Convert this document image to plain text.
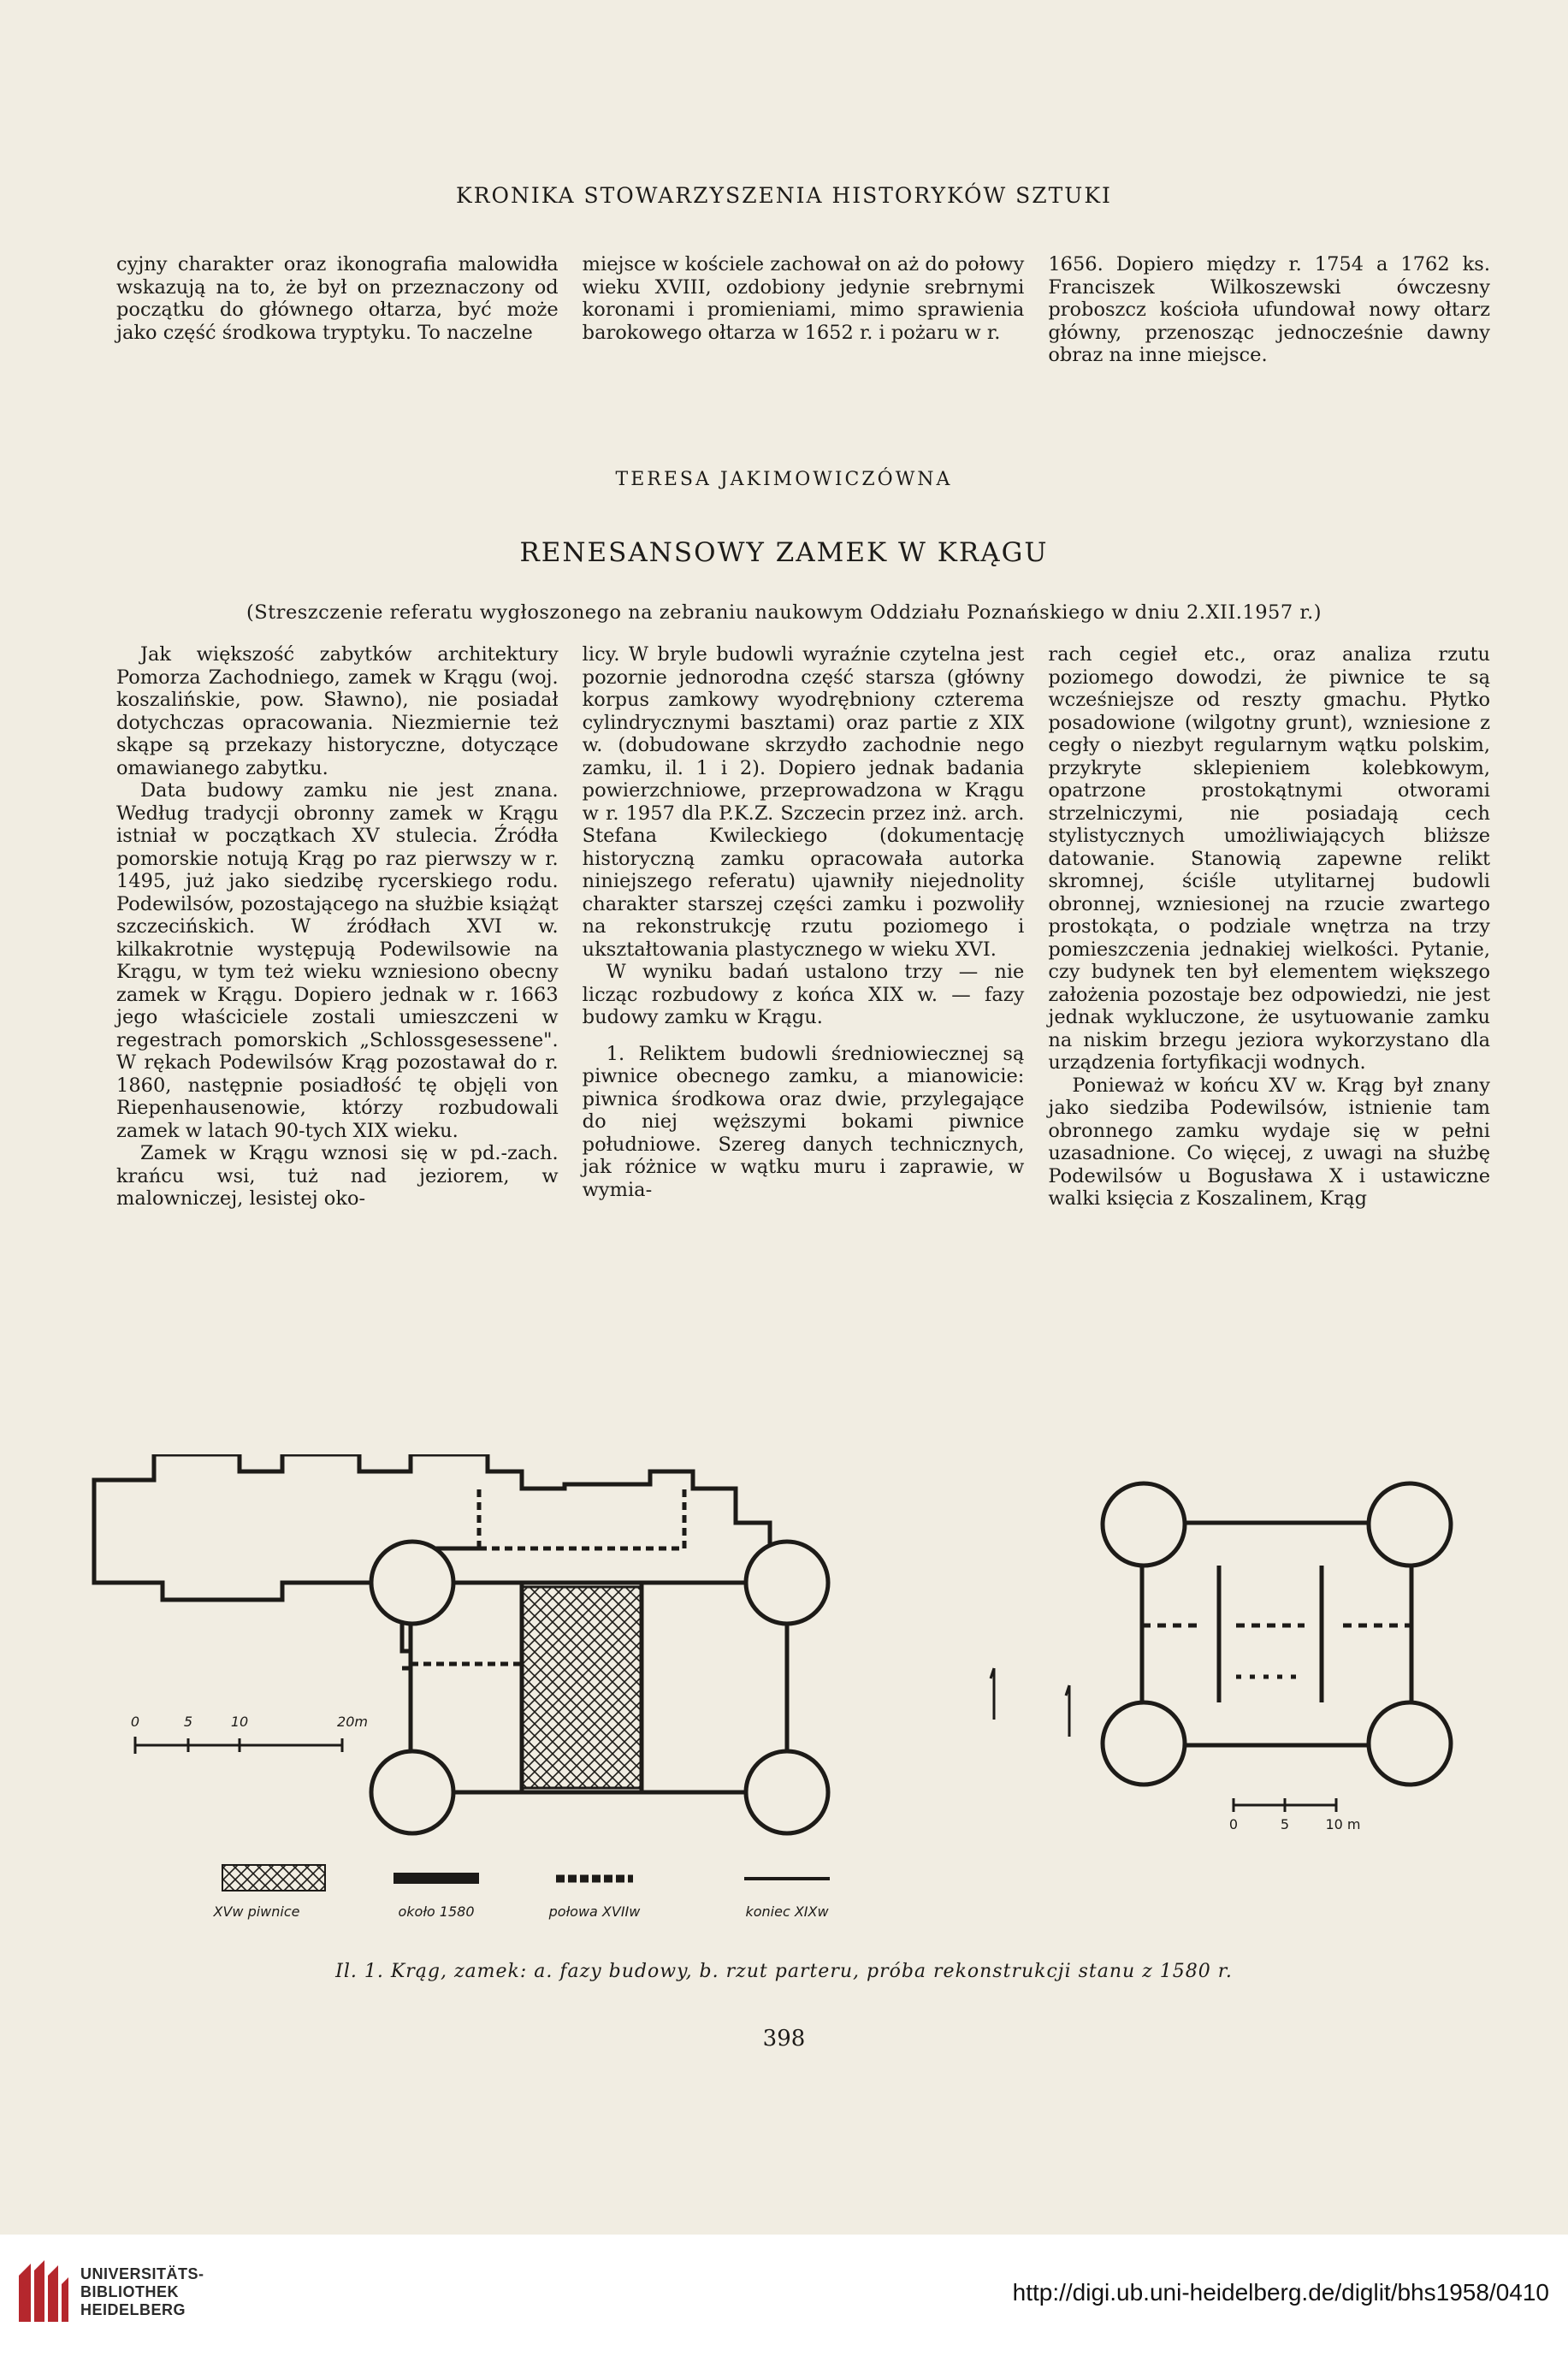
KRONIKA STOWARZYSZENIA HISTORYKÓW SZTUKI
cyjny charakter oraz ikonografia malowidła wskazują na to, że był on przeznaczony od początku do głównego ołtarza, być może jako część środkowa tryptyku. To naczelne
miejsce w kościele zachował on aż do połowy wieku XVIII, ozdobiony jedynie srebrnymi koronami i promieniami, mimo sprawienia barokowego ołtarza w 1652 r. i pożaru w r.
1656. Dopiero między r. 1754 a 1762 ks. Franciszek Wilkoszewski ówczesny proboszcz kościoła ufundował nowy ołtarz główny, przenosząc jednocześnie dawny obraz na inne miejsce.
TERESA JAKIMOWICZÓWNA
RENESANSOWY ZAMEK W KRĄGU
(Streszczenie referatu wygłoszonego na zebraniu naukowym Oddziału Poznańskiego w dniu 2.XII.1957 r.)

Jak większość zabytków architektury Pomorza Zachodniego, zamek w Krągu (woj. koszalińskie, pow. Sławno), nie posiadał dotychczas opracowania. Niezmiernie też skąpe są przekazy historyczne, dotyczące omawianego zabytku.

Data budowy zamku nie jest znana. Według tradycji obronny zamek w Krągu istniał w początkach XV stulecia. Źródła pomorskie notują Krąg po raz pierwszy w r. 1495, już jako siedzibę rycerskiego rodu. Podewilsów, pozostającego na służbie książąt szczecińskich. W źródłach XVI w. kilkakrotnie występują Podewilsowie na Krągu, w tym też wieku wzniesiono obecny zamek w Krągu. Dopiero jednak w r. 1663 jego właściciele zostali umieszczeni w regestrach pomorskich „Schlossgesessene". W rękach Podewilsów Krąg pozostawał do r. 1860, następnie posiadłość tę objęli von Riepenhausenowie, którzy rozbudowali zamek w latach 90-tych XIX wieku.

Zamek w Krągu wznosi się w pd.-zach. krańcu wsi, tuż nad jeziorem, w malowniczej, lesistej oko-

licy. W bryle budowli wyraźnie czytelna jest pozornie jednorodna część starsza (główny korpus zamkowy wyodrębniony czterema cylindrycznymi basztami) oraz partie z XIX w. (dobudowane skrzydło zachodnie nego zamku, il. 1 i 2). Dopiero jednak badania powierzchniowe, przeprowadzona w Krągu w r. 1957 dla P.K.Z. Szczecin przez inż. arch. Stefana Kwileckiego (dokumentację historyczną zamku opracowała autorka niniejszego referatu) ujawniły niejednolity charakter starszej części zamku i pozwoliły na rekonstrukcję rzutu poziomego i ukształtowania plastycznego w wieku XVI.

W wyniku badań ustalono trzy — nie licząc rozbudowy z końca XIX w. — fazy budowy zamku w Krągu.

1. Reliktem budowli średniowiecznej są piwnice obecnego zamku, a mianowicie: piwnica środkowa oraz dwie, przylegające do niej węższymi bokami piwnice południowe. Szereg danych technicznych, jak różnice w wątku muru i zaprawie, w wymia-

rach cegieł etc., oraz analiza rzutu poziomego dowodzi, że piwnice te są wcześniejsze od reszty gmachu. Płytko posadowione (wilgotny grunt), wzniesione z cegły o niezbyt regularnym wątku polskim, przykryte sklepieniem kolebkowym, opatrzone prostokątnymi otworami strzelniczymi, nie posiadają cech stylistycznych umożliwiających bliższe datowanie. Stanowią zapewne relikt skromnej, ściśle utylitarnej budowli obronnej, wzniesionej na rzucie zwartego prostokąta, o podziale wnętrza na trzy pomieszczenia jednakiej wielkości. Pytanie, czy budynek ten był elementem większego założenia pozostaje bez odpowiedzi, nie jest jednak wykluczone, że usytuowanie zamku na niskim brzegu jeziora wykorzystano dla urządzenia fortyfikacji wodnych.

Ponieważ w końcu XV w. Krąg był znany jako siedziba Podewilsów, istnienie tam obronnego zamku wydaje się w pełni uzasadnione. Co więcej, z uwagi na służbę Podewilsów u Bogusława X i ustawiczne walki księcia z Koszalinem, Krąg

0	5	10	20m
0	5	10 m
XVw piwnice	około 1580	połowa XVIIw	koniec XIXw
Il. 1. Krąg, zamek: a. fazy budowy, b. rzut parteru, próba rekonstrukcji stanu z 1580 r.
398
UNIVERSITÄTS-
BIBLIOTHEK
HEIDELBERG
http://digi.ub.uni-heidelberg.de/diglit/bhs1958/0410
